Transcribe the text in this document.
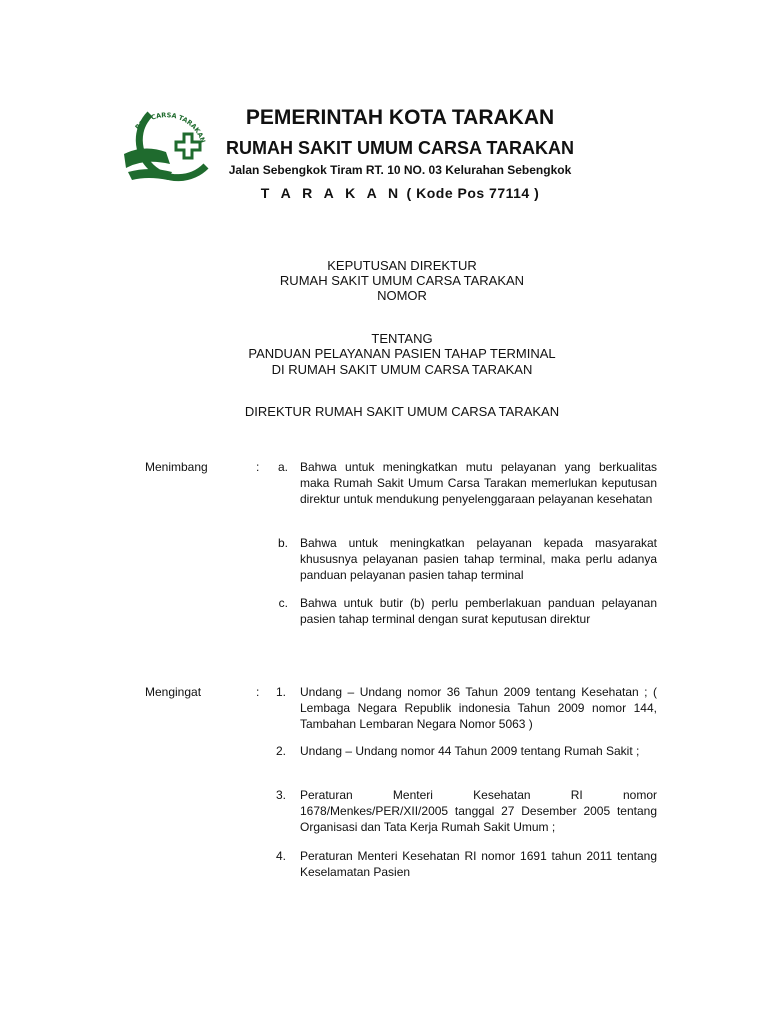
RSU CARSA TARAKAN
PEMERINTAH KOTA TARAKAN
RUMAH SAKIT UMUM CARSA TARAKAN
Jalan Sebengkok Tiram RT. 10 NO. 03 Kelurahan Sebengkok
T A R A K A N ( Kode Pos 77114 )
KEPUTUSAN DIREKTUR
RUMAH SAKIT UMUM CARSA TARAKAN
NOMOR
TENTANG
PANDUAN PELAYANAN PASIEN TAHAP TERMINAL
DI RUMAH SAKIT UMUM CARSA TARAKAN
DIREKTUR RUMAH SAKIT UMUM CARSA TARAKAN
Menimbang	:	a. Bahwa untuk meningkatkan mutu pelayanan yang berkualitas maka Rumah Sakit Umum Carsa Tarakan memerlukan keputusan direktur untuk mendukung penyelenggaraan pelayanan kesehatan
b. Bahwa untuk meningkatkan pelayanan kepada masyarakat khususnya pelayanan pasien tahap terminal, maka perlu adanya panduan pelayanan pasien tahap terminal
c. Bahwa untuk butir (b) perlu pemberlakuan panduan pelayanan pasien tahap terminal dengan surat keputusan direktur
Mengingat	:	1. Undang – Undang nomor 36 Tahun 2009 tentang Kesehatan ; ( Lembaga Negara Republik indonesia Tahun 2009 nomor 144, Tambahan Lembaran Negara Nomor 5063 )
2. Undang – Undang nomor 44 Tahun 2009 tentang Rumah Sakit ;
3. Peraturan Menteri Kesehatan RI nomor 1678/Menkes/PER/XII/2005 tanggal 27 Desember 2005 tentang Organisasi dan Tata Kerja Rumah Sakit Umum ;
4. Peraturan Menteri Kesehatan RI nomor 1691 tahun 2011 tentang Keselamatan Pasien
